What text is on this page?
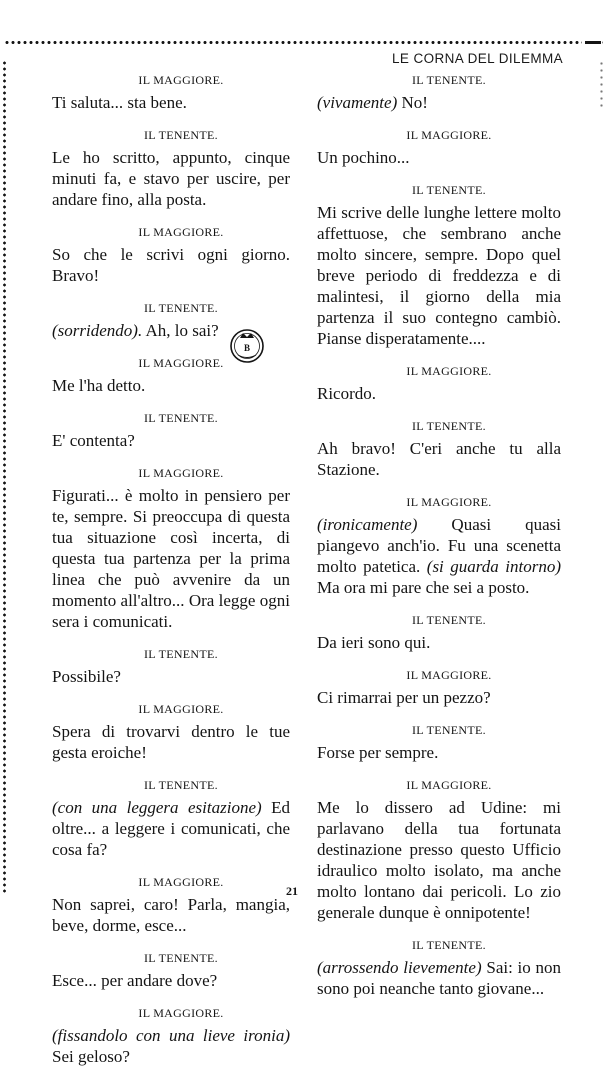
LE CORNA DEL DILEMMA
IL MAGGIORE.
Ti saluta... sta bene.
IL TENENTE.
Le ho scritto, appunto, cinque minuti fa, e stavo per uscire, per andare fino, alla posta.
IL MAGGIORE.
So che le scrivi ogni giorno. Bravo!
IL TENENTE.
(sorridendo). Ah, lo sai?
IL MAGGIORE.
Me l'ha detto.
IL TENENTE.
E' contenta?
IL MAGGIORE.
Figurati... è molto in pensiero per te, sempre. Si preoccupa di questa tua situazione così incerta, di questa tua partenza per la prima linea che può avvenire da un momento all'altro... Ora legge ogni sera i comunicati.
IL TENENTE.
Possibile?
IL MAGGIORE.
Spera di trovarvi dentro le tue gesta eroiche!
IL TENENTE.
(con una leggera esitazione) Ed oltre... a leggere i comunicati, che cosa fa?
IL MAGGIORE.
Non saprei, caro! Parla, mangia, beve, dorme, esce...
IL TENENTE.
Esce... per andare dove?
IL MAGGIORE.
(fissandolo con una lieve ironia) Sei geloso?
IL TENENTE.
(vivamente) No!
IL MAGGIORE.
Un pochino...
IL TENENTE.
Mi scrive delle lunghe lettere molto affettuose, che sembrano anche molto sincere, sempre. Dopo quel breve periodo di freddezza e di malintesi, il giorno della mia partenza il suo contegno cambiò. Pianse disperatamente....
IL MAGGIORE.
Ricordo.
IL TENENTE.
Ah bravo! C'eri anche tu alla Stazione.
IL MAGGIORE.
(ironicamente) Quasi quasi piangevo anch'io. Fu una scenetta molto patetica. (si guarda intorno) Ma ora mi pare che sei a posto.
IL TENENTE.
Da ieri sono qui.
IL MAGGIORE.
Ci rimarrai per un pezzo?
IL TENENTE.
Forse per sempre.
IL MAGGIORE.
Me lo dissero ad Udine: mi parlavano della tua fortunata destinazione presso questo Ufficio idraulico molto isolato, ma anche molto lontano dai pericoli. Lo zio generale dunque è onnipotente!
IL TENENTE.
(arrossendo lievemente) Sai: io non sono poi neanche tanto giovane...
B
21
